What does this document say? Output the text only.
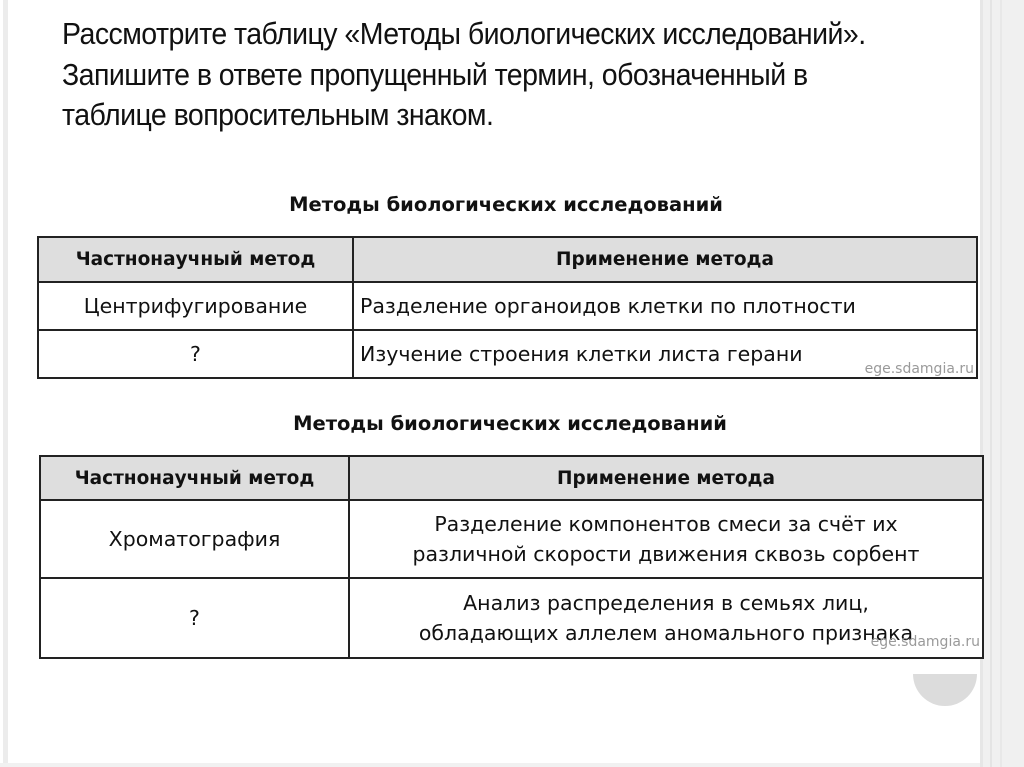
Рассмотрите таблицу «Методы биологических исследований». Запишите в ответе пропущенный термин, обозначенный в таблице вопросительным знаком.
Методы биологических исследований
Частнонаучный метод	Применение метода
Центрифугирование	Разделение органоидов клетки по плотности
?	Изучение строения клетки листа герани
ege.sdamgia.ru
Методы биологических исследований
Частнонаучный метод	Применение метода
Хроматография	Разделение компонентов смеси за счёт их
различной скорости движения сквозь сорбент

?	Анализ распределения в семьях лиц,
обладающих аллелем аномального признака
ege.sdamgia.ru
